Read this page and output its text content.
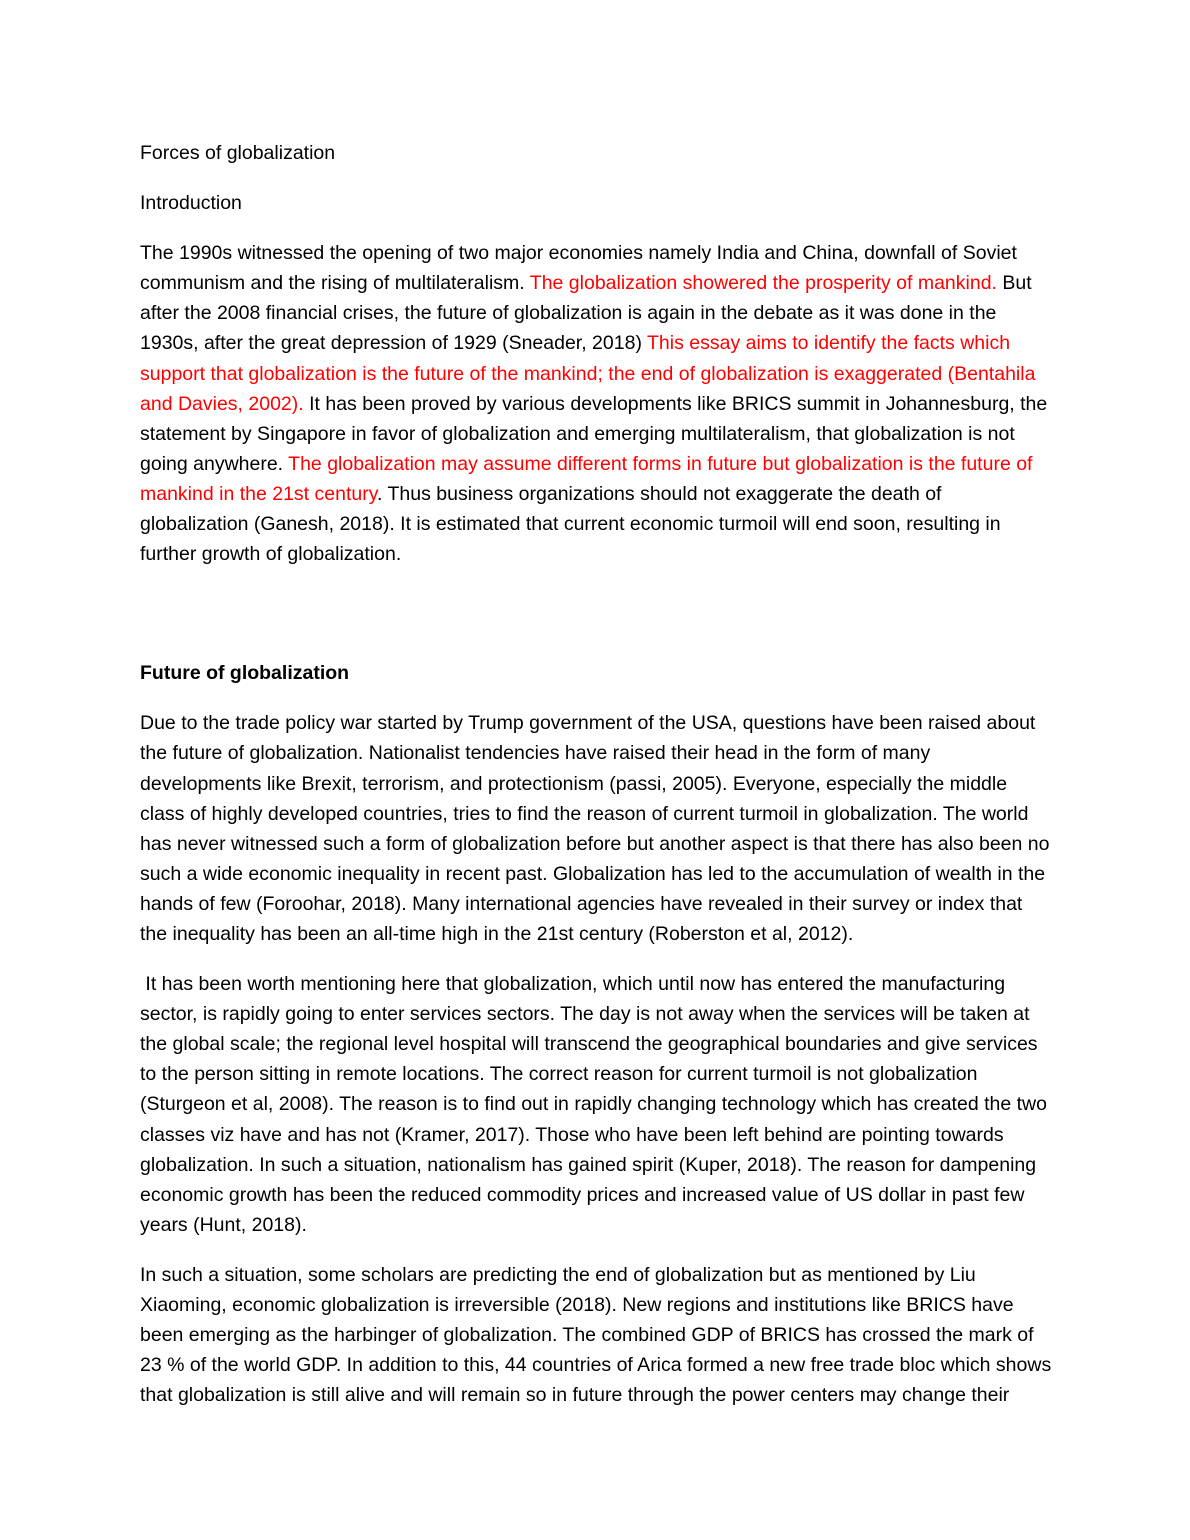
Forces of globalization

Introduction

The 1990s witnessed the opening of two major economies namely India and China, downfall of Soviet communism and the rising of multilateralism. The globalization showered the prosperity of mankind. But after the 2008 financial crises, the future of globalization is again in the debate as it was done in the 1930s, after the great depression of 1929 (Sneader, 2018) This essay aims to identify the facts which support that globalization is the future of the mankind; the end of globalization is exaggerated (Bentahila and Davies, 2002). It has been proved by various developments like BRICS summit in Johannesburg, the statement by Singapore in favor of globalization and emerging multilateralism, that globalization is not going anywhere. The globalization may assume different forms in future but globalization is the future of mankind in the 21st century. Thus business organizations should not exaggerate the death of globalization (Ganesh, 2018). It is estimated that current economic turmoil will end soon, resulting in further growth of globalization.

Future of globalization

Due to the trade policy war started by Trump government of the USA, questions have been raised about the future of globalization. Nationalist tendencies have raised their head in the form of many developments like Brexit, terrorism, and protectionism (passi, 2005). Everyone, especially the middle class of highly developed countries, tries to find the reason of current turmoil in globalization. The world has never witnessed such a form of globalization before but another aspect is that there has also been no such a wide economic inequality in recent past. Globalization has led to the accumulation of wealth in the hands of few (Foroohar, 2018). Many international agencies have revealed in their survey or index that the inequality has been an all-time high in the 21st century (Roberston et al, 2012).

It has been worth mentioning here that globalization, which until now has entered the manufacturing sector, is rapidly going to enter services sectors. The day is not away when the services will be taken at the global scale; the regional level hospital will transcend the geographical boundaries and give services to the person sitting in remote locations. The correct reason for current turmoil is not globalization (Sturgeon et al, 2008). The reason is to find out in rapidly changing technology which has created the two classes viz have and has not (Kramer, 2017). Those who have been left behind are pointing towards globalization. In such a situation, nationalism has gained spirit (Kuper, 2018). The reason for dampening economic growth has been the reduced commodity prices and increased value of US dollar in past few years (Hunt, 2018).

In such a situation, some scholars are predicting the end of globalization but as mentioned by Liu Xiaoming, economic globalization is irreversible (2018). New regions and institutions like BRICS have been emerging as the harbinger of globalization. The combined GDP of BRICS has crossed the mark of 23 % of the world GDP. In addition to this, 44 countries of Arica formed a new free trade bloc which shows that globalization is still alive and will remain so in future through the power centers may change their
